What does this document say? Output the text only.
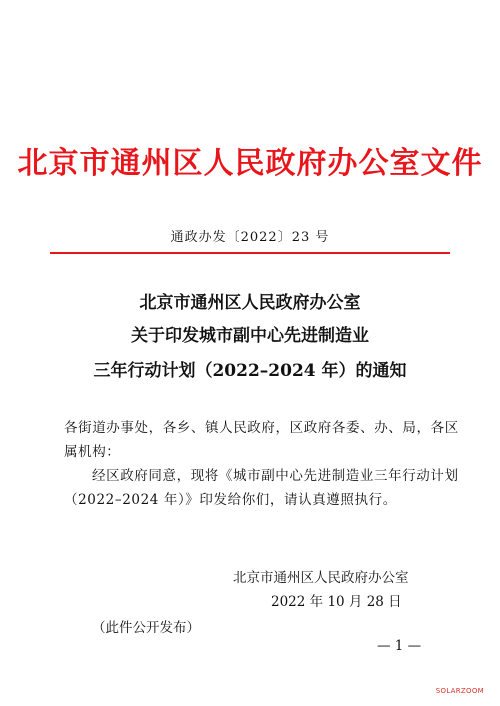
北京市通州区人民政府办公室文件
通政办发〔2022〕23 号
北京市通州区人民政府办公室
关于印发城市副中心先进制造业
三年行动计划（2022–2024 年）的通知
各街道办事处，各乡、镇人民政府，区政府各委、办、局，各区
属机构：
经区政府同意，现将《城市副中心先进制造业三年行动计划
（2022–2024 年）》印发给你们，请认真遵照执行。
北京市通州区人民政府办公室
2022 年 10 月 28 日
（此件公开发布）
— 1 —
SOLARZOOM
